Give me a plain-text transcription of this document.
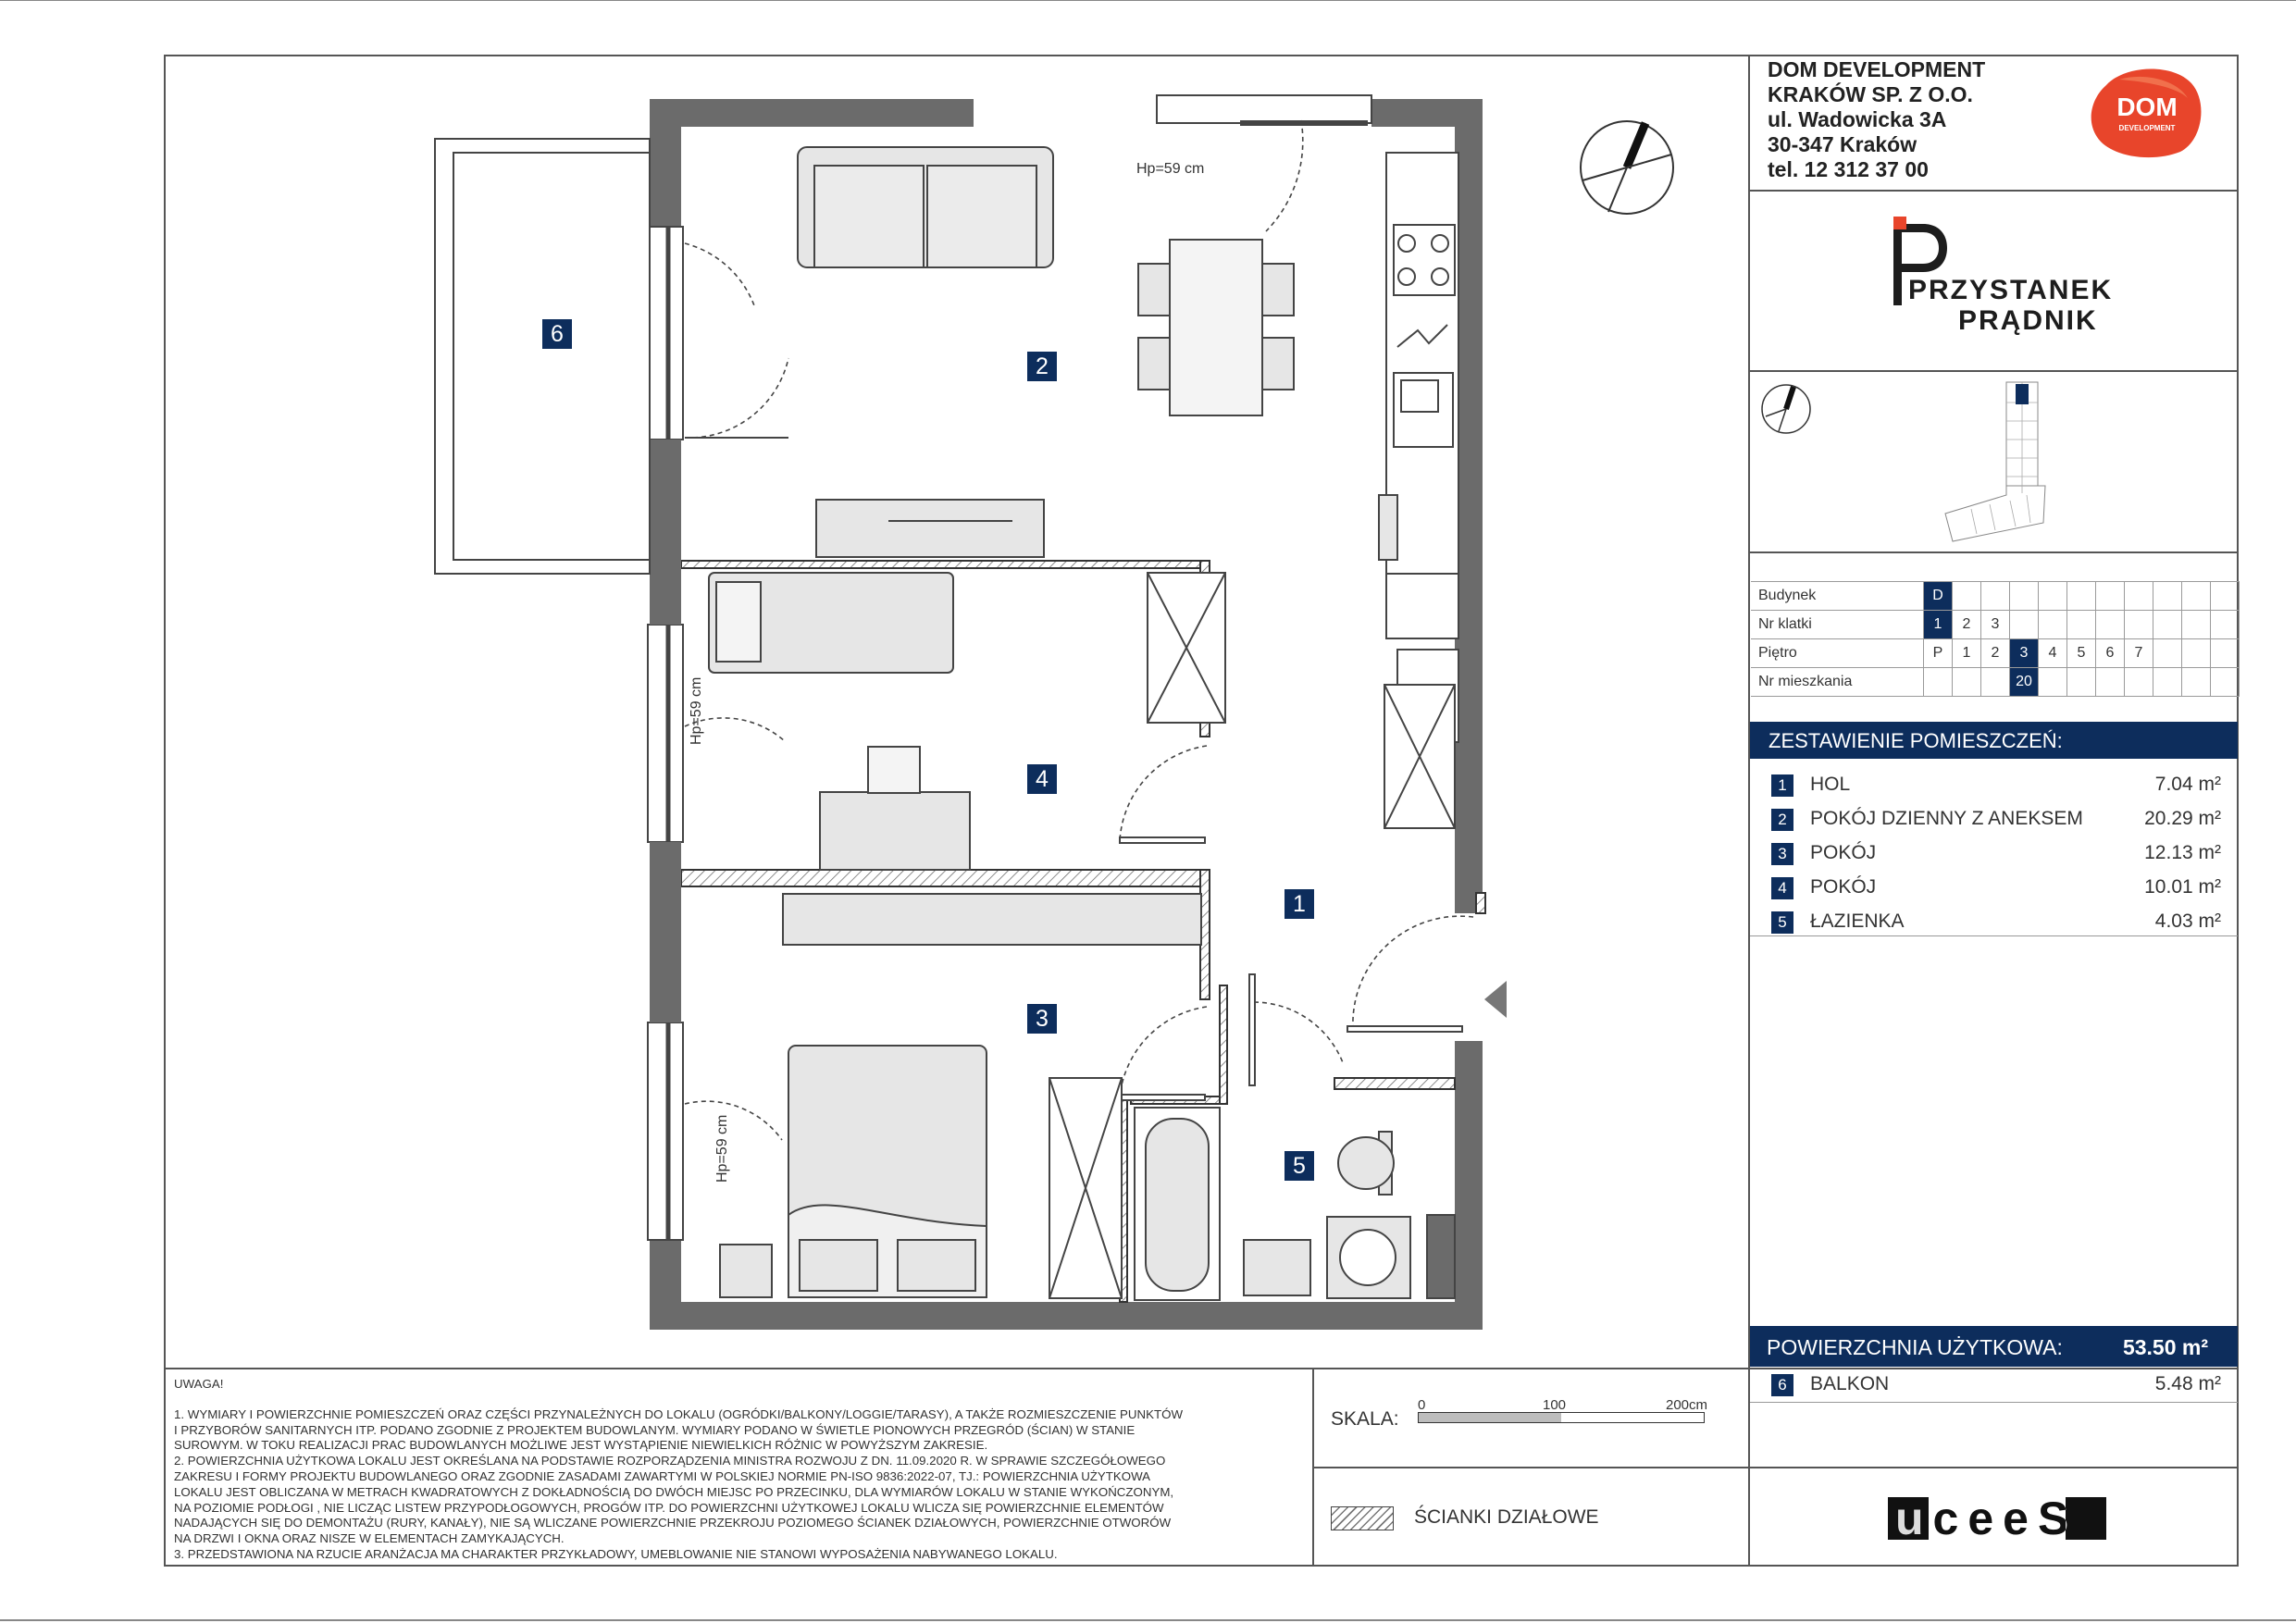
DOM DEVELOPMENT
KRAKÓW SP. Z O.O.
ul. Wadowicka 3A
30-347 Kraków
tel. 12 312 37 00
DOM
DEVELOPMENT
PRZYSTANEK
PRĄDNIK
Budynek	D										
Nr klatki	1	2	3								
Piętro	P	1	2	3	4	5	6	7			
Nr mieszkania				20							
ZESTAWIENIE POMIESZCZEŃ:
1	HOL	7.04 m²
2	POKÓJ DZIENNY Z ANEKSEM	20.29 m²
3	POKÓJ	12.13 m²
4	POKÓJ	10.01 m²
5	ŁAZIENKA	4.03 m²
POWIERZCHNIA UŻYTKOWA:	53.50 m²
6	BALKON	5.48 m²
UWAGA!
1. WYMIARY I POWIERZCHNIE POMIESZCZEŃ ORAZ CZĘŚCI PRZYNALEŻNYCH DO LOKALU (OGRÓDKI/BALKONY/LOGGIE/TARASY), A TAKŻE ROZMIESZCZENIE PUNKTÓW
I PRZYBORÓW SANITARNYCH ITP. PODANO ZGODNIE Z PROJEKTEM BUDOWLANYM. WYMIARY PODANO W ŚWIETLE PIONOWYCH PRZEGRÓD (ŚCIAN) W STANIE
SUROWYM. W TOKU REALIZACJI PRAC BUDOWLANYCH MOŻLIWE JEST WYSTĄPIENIE NIEWIELKICH RÓŻNIC W POWYŻSZYM ZAKRESIE.
2. POWIERZCHNIA UŻYTKOWA LOKALU JEST OKREŚLANA NA PODSTAWIE ROZPORZĄDZENIA MINISTRA ROZWOJU Z DN. 11.09.2020 R. W SPRAWIE SZCZEGÓŁOWEGO
ZAKRESU I FORMY PROJEKTU BUDOWLANEGO ORAZ ZGODNIE ZASADAMI ZAWARTYMI W POLSKIEJ NORMIE PN-ISO 9836:2022-07, TJ.: POWIERZCHNIA UŻYTKOWA
LOKALU JEST OBLICZANA W METRACH KWADRATOWYCH Z DOKŁADNOŚCIĄ DO DWÓCH MIEJSC PO PRZECINKU, DLA WYMIARÓW LOKALU W STANIE WYKOŃCZONYM,
NA POZIOMIE PODŁOGI , NIE LICZĄC LISTEW PRZYPODŁOGOWYCH, PROGÓW ITP. DO POWIERZCHNI UŻYTKOWEJ LOKALU WLICZA SIĘ POWIERZCHNIE ELEMENTÓW
NADAJĄCYCH SIĘ DO DEMONTAŻU (RURY, KANAŁY), NIE SĄ WLICZANE POWIERZCHNIE PRZEKROJU POZIOMEGO ŚCIANEK DZIAŁOWYCH, POWIERZCHNIE OTWORÓW
NA DRZWI I OKNA ORAZ NISZE W ELEMENTACH ZAMYKAJĄCYCH.
3. PRZEDSTAWIONA NA RZUCIE ARANŻACJA MA CHARAKTER PRZYKŁADOWY, UMEBLOWANIE NIE STANOWI WYPOSAŻENIA NABYWANEGO LOKALU.
SKALA:
0	100	200cm
ŚCIANKI DZIAŁOWE	uceeS
Hp=59 cm
Hp=59 cm
Hp=59 cm
1
2
3
4
5
6
